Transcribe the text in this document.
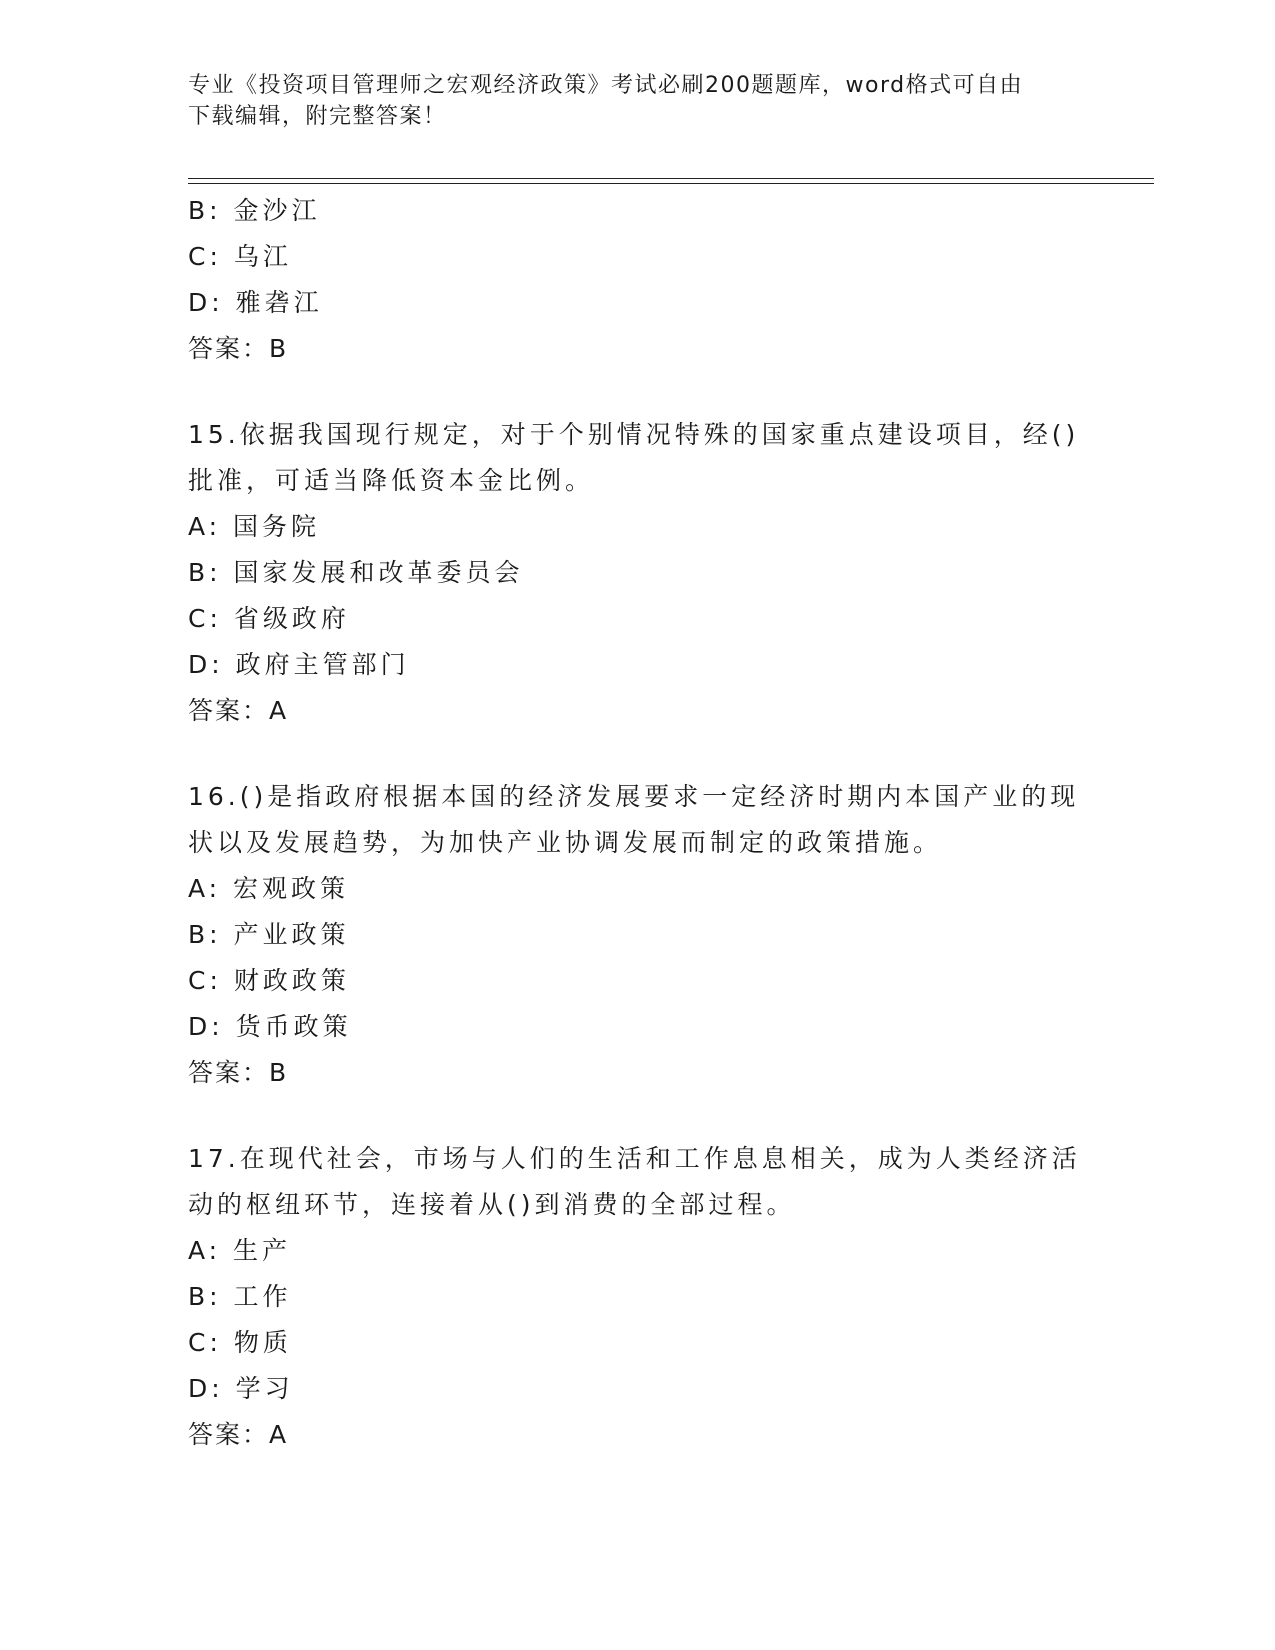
专业《投资项目管理师之宏观经济政策》考试必刷200题题库，word格式可自由
下载编辑，附完整答案！
B: 金沙江
C: 乌江
D: 雅砻江
答案：B
15.依据我国现行规定，对于个别情况特殊的国家重点建设项目，经()
批准，可适当降低资本金比例。
A: 国务院
B: 国家发展和改革委员会
C: 省级政府
D: 政府主管部门
答案：A
16.()是指政府根据本国的经济发展要求一定经济时期内本国产业的现
状以及发展趋势，为加快产业协调发展而制定的政策措施。
A: 宏观政策
B: 产业政策
C: 财政政策
D: 货币政策
答案：B
17.在现代社会，市场与人们的生活和工作息息相关，成为人类经济活
动的枢纽环节，连接着从()到消费的全部过程。
A: 生产
B: 工作
C: 物质
D: 学习
答案：A
